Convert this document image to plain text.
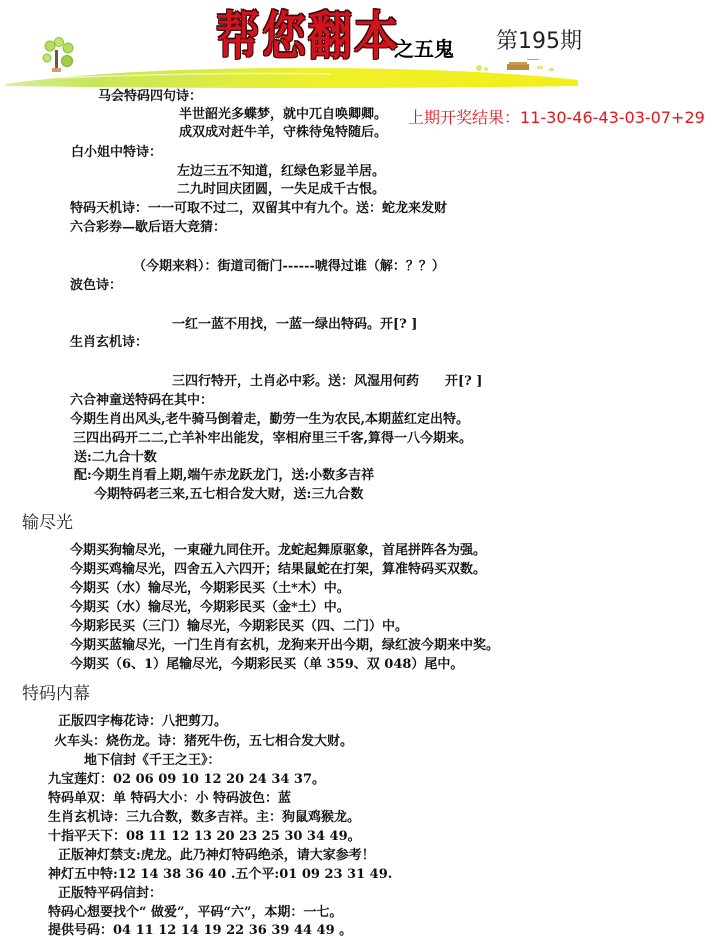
帮您翻本
之五鬼 第195期
上期开奖结果：11-30-46-43-03-07+29
马会特码四句诗：
半世韶光多蝶梦，就中兀自唤卿卿。
成双成对赶牛羊，守株待兔特随后。
白小姐中特诗：
左边三五不知道，红绿色彩显羊居。
二九时回庆团圆，一失足成千古恨。
特码天机诗：一一可取不过二，双留其中有九个。送：蛇龙来发财
六合彩券—歇后语大竞猜：
（今期来料）：街道司衙门------唬得过谁（解：？？）
波色诗：
一红一蓝不用找，一蓝一绿出特码。开[? ]
生肖玄机诗：
三四行特开，土肖必中彩。送：风湿用何药　　开[? ]
六合神童送特码在其中：
今期生肖出风头,老牛骑马倒着走，勤劳一生为农民,本期蓝红定出特。
三四出码开二二,亡羊补牢出能发，宰相府里三千客,算得一八今期来。
送:二九合十数
配:今期生肖看上期,端午赤龙跃龙门，送:小数多吉祥
今期特码老三来,五七相合发大财，送:三九合数
输尽光
今期买狗输尽光，一東碰九同住开。龙蛇起舞原驱象，首尾拼阵各为强。
今期买鸡输尽光，四舍五入六四开；结果鼠蛇在打架，算准特码买双数。
今期买（水）输尽光，今期彩民买（土*木）中。
今期买（水）输尽光，今期彩民买（金*土）中。
今期彩民买（三门）输尽光，今期彩民买（四、二门）中。
今期买蓝输尽光，一门生肖有玄机，龙狗来开出今期，绿红波今期来中奖。
今期买（6、1）尾输尽光，今期彩民买（单 359、双 048）尾中。
特码内幕
正版四字梅花诗：八把剪刀。
火车头：烧伤龙。诗：猪死牛伤，五七相合发大财。
地下信封《千王之王》：
九宝莲灯：02 06 09 10 12 20 24 34 37。
特码单双：单 特码大小：小 特码波色：蓝
生肖玄机诗：三九合数，数多吉祥。主：狗鼠鸡猴龙。
十指平天下：08 11 12 13 20 23 25 30 34 49。
正版神灯禁支:虎龙。此乃神灯特码绝杀，请大家参考！
神灯五中特:12 14 38 36 40 .五个平:01 09 23 31 49.
正版特平码信封：
特码心想要找个“ 做爱”，平码“六”，本期：一七。
提供号码：04 11 12 14 19 22 36 39 44 49 。
